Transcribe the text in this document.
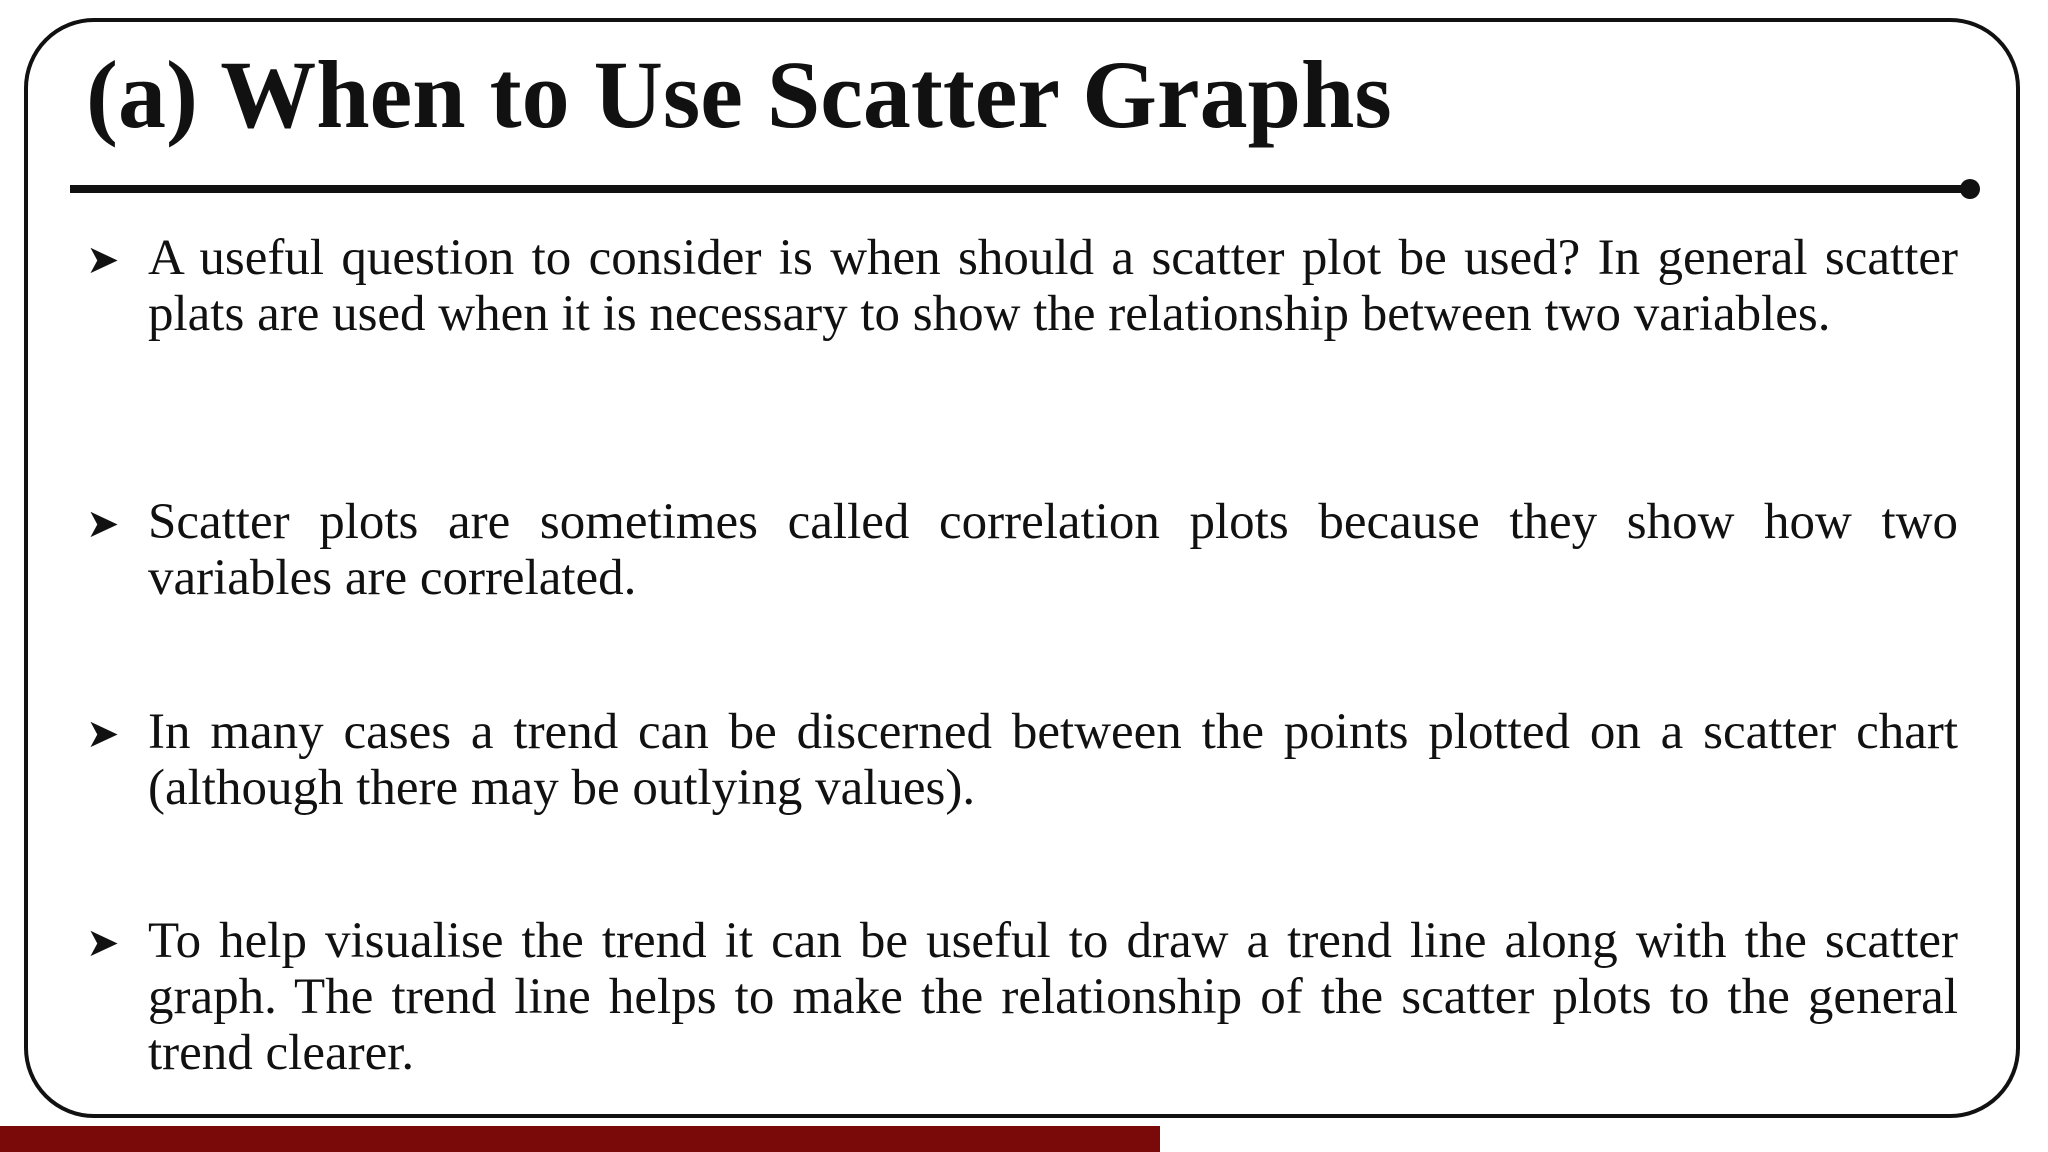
(a) When to Use Scatter Graphs
➤ A useful question to consider is when should a scatter plot be used? In general scatter plats are used when it is necessary to show the relationship between two variables.
➤ Scatter plots are sometimes called correlation plots because they show how two variables are correlated.
➤ In many cases a trend can be discerned between the points plotted on a scatter chart (although there may be outlying values).
➤ To help visualise the trend it can be useful to draw a trend line along with the scatter graph. The trend line helps to make the relationship of the scatter plots to the general trend clearer.
